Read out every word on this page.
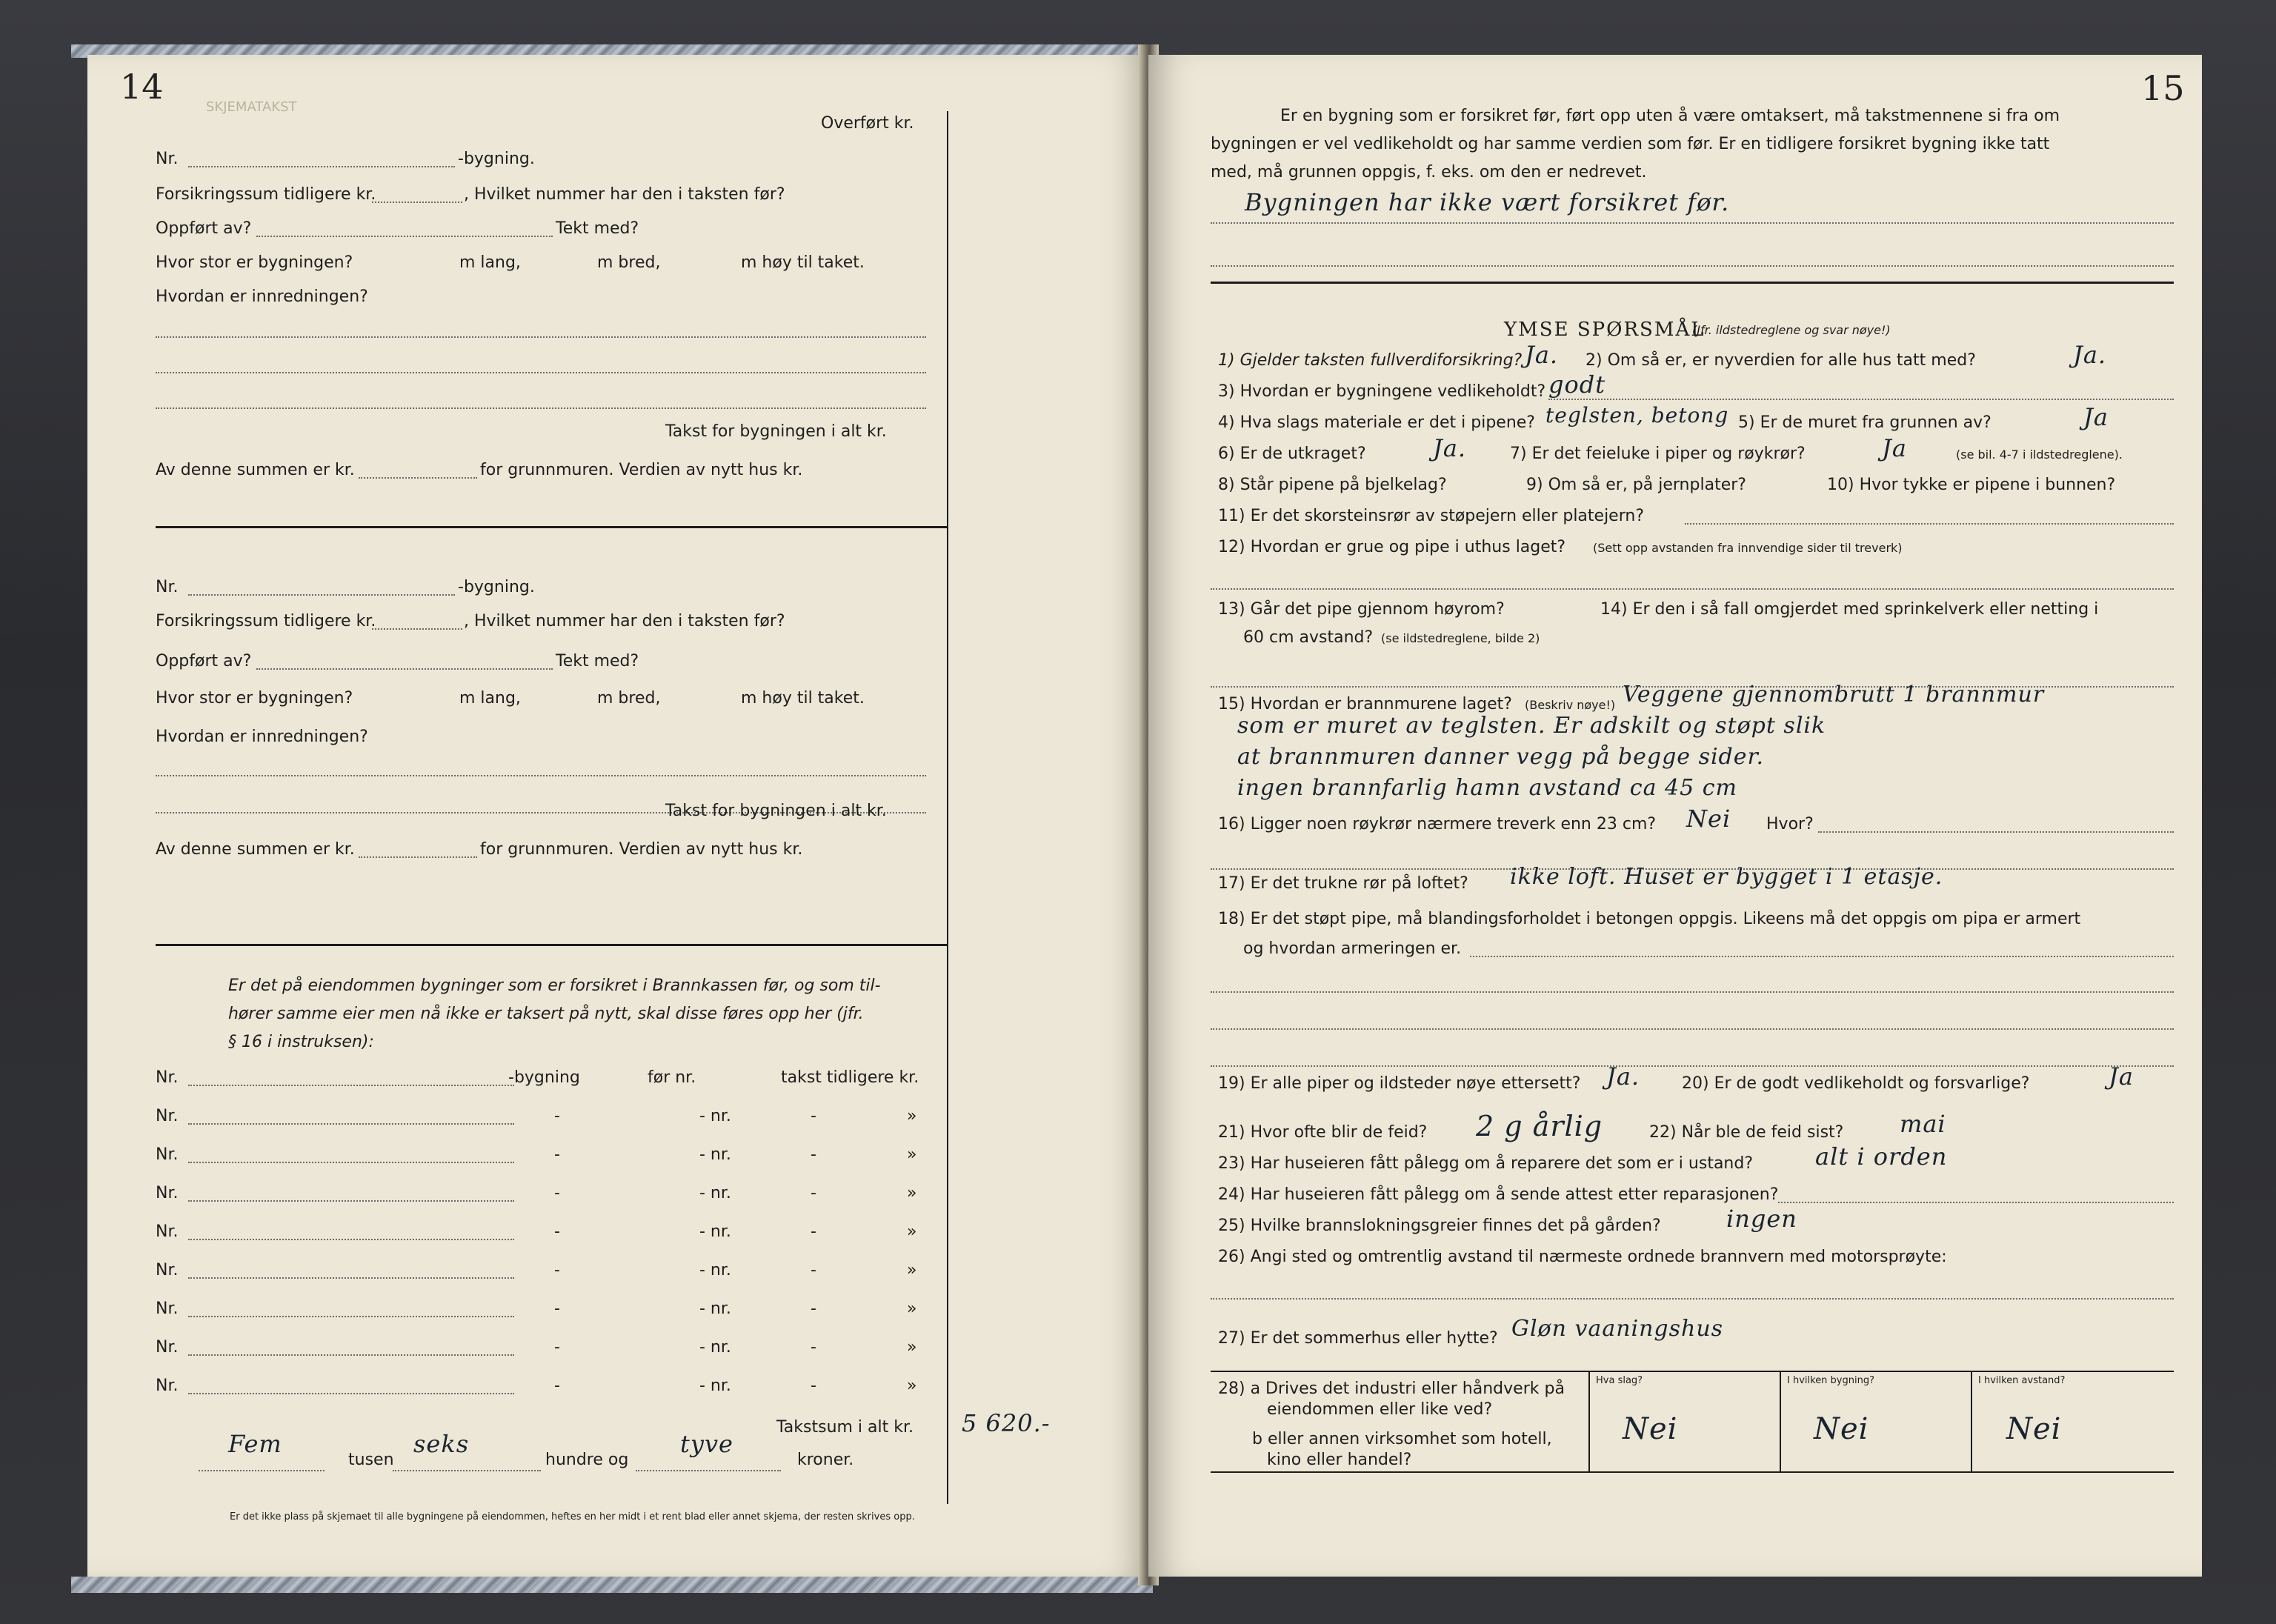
14
SKJEMATAKST
Overført kr.
Nr.	-bygning.
Forsikringssum tidligere kr.	, Hvilket nummer har den i taksten før?
Oppført av?	Tekt med?
Hvor stor er bygningen?	m lang,	m bred,	m høy til taket.
Hvordan er innredningen?
Takst for bygningen i alt kr.
Av denne summen er kr.	for grunnmuren. Verdien av nytt hus kr.
Nr.	-bygning.
Forsikringssum tidligere kr.	, Hvilket nummer har den i taksten før?
Oppført av?	Tekt med?
Hvor stor er bygningen?	m lang,	m bred,	m høy til taket.
Hvordan er innredningen?
Takst for bygningen i alt kr.
Av denne summen er kr.	for grunnmuren. Verdien av nytt hus kr.
Er det på eiendommen bygninger som er forsikret i Brannkassen før, og som til-
hører samme eier men nå ikke er taksert på nytt, skal disse føres opp her (jfr.
§ 16 i instruksen):
Nr.	-bygning	før nr.	takst tidligere kr.
Nr.	-	- nr.	-	»
Nr.	-	- nr.	-	»
Nr.	-	- nr.	-	»
Nr.	-	- nr.	-	»
Nr.	-	- nr.	-	»
Nr.	-	- nr.	-	»
Nr.	-	- nr.	-	»
Nr.	-	- nr.	-	»
Takstsum i alt kr. 5 620.-
Fem
tusen
seks
hundre og
tyve
kroner.
Er det ikke plass på skjemaet til alle bygningene på eiendommen, heftes en her midt i et rent blad eller annet skjema, der resten skrives opp.
15
Er en bygning som er forsikret før, ført opp uten å være omtaksert, må takstmennene si fra om
bygningen er vel vedlikeholdt og har samme verdien som før. Er en tidligere forsikret bygning ikke tatt
med, må grunnen oppgis, f. eks. om den er nedrevet.
Bygningen har ikke vært forsikret før.
YMSE SPØRSMÅL
(Jfr. ildstedreglene og svar nøye!)
1) Gjelder taksten fullverdiforsikring? Ja. 2) Om så er, er nyverdien for alle hus tatt med?	Ja.
3) Hvordan er bygningene vedlikeholdt? godt
4) Hva slags materiale er det i pipene? teglsten, betong 5) Er de muret fra grunnen av?	Ja
6) Er de utkraget?	Ja.	7) Er det feieluke i piper og røykrør?	Ja	(se bil. 4-7 i ildstedreglene).
8) Står pipene på bjelkelag?	9) Om så er, på jernplater?	10) Hvor tykke er pipene i bunnen?
11) Er det skorsteinsrør av støpejern eller platejern?
12) Hvordan er grue og pipe i uthus laget? (Sett opp avstanden fra innvendige sider til treverk)
13) Går det pipe gjennom høyrom?	14) Er den i så fall omgjerdet med sprinkelverk eller netting i
60 cm avstand? (se ildstedreglene, bilde 2)
15) Hvordan er brannmurene laget? (Beskriv nøye!) Veggene gjennombrutt 1 brannmur
som er muret av teglsten. Er adskilt og støpt slik
at brannmuren danner vegg på begge sider.
ingen brannfarlig hamn avstand ca 45 cm
16) Ligger noen røykrør nærmere treverk enn 23 cm? Nei Hvor?
17) Er det trukne rør på loftet? ikke loft. Huset er bygget i 1 etasje.
18) Er det støpt pipe, må blandingsforholdet i betongen oppgis. Likeens må det oppgis om pipa er armert
og hvordan armeringen er.
19) Er alle piper og ildsteder nøye ettersett? Ja.	20) Er de godt vedlikeholdt og forsvarlige?	Ja
21) Hvor ofte blir de feid? 2 g årlig	22) Når ble de feid sist? mai
23) Har huseieren fått pålegg om å reparere det som er i ustand?	alt i orden
24) Har huseieren fått pålegg om å sende attest etter reparasjonen?
25) Hvilke brannslokningsgreier finnes det på gården?	ingen
26) Angi sted og omtrentlig avstand til nærmeste ordnede brannvern med motorsprøyte:
27) Er det sommerhus eller hytte? Gløn vaaningshus
28) a Drives det industri eller håndverk på
eiendommen eller like ved?
b eller annen virksomhet som hotell,
kino eller handel?
Hva slag?	I hvilken bygning?	I hvilken avstand?
Nei	Nei	Nei
